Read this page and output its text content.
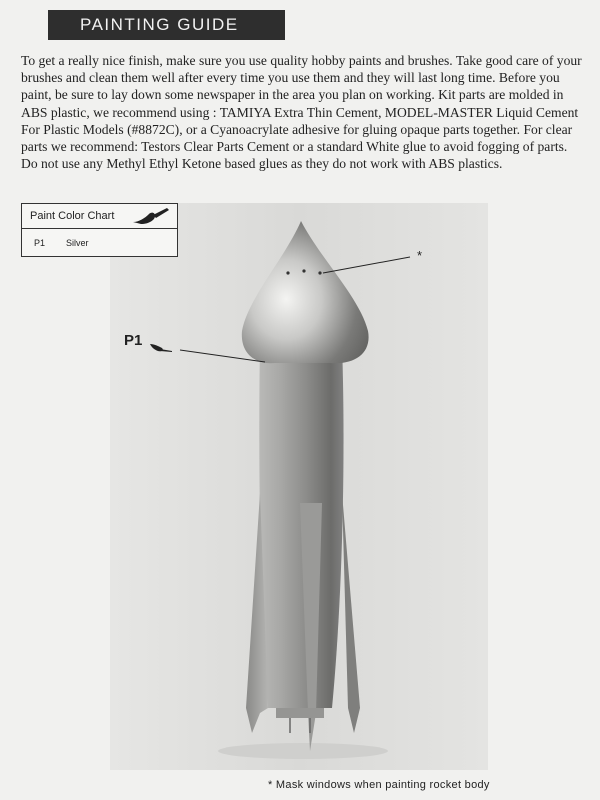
PAINTING GUIDE

To get a really nice finish, make sure you use quality hobby paints and brushes. Take good care of your brushes and clean them well after every time you use them and they will last long time. Before you paint, be sure to lay down some newspaper in the area you plan on working. Kit parts are molded in ABS plastic, we recommend using : TAMIYA Extra Thin Cement, MODEL-MASTER Liquid Cement For Plastic Models (#8872C), or a Cyanoacrylate adhesive for gluing opaque parts together. For clear parts we recommend: Testors Clear Parts Cement or a standard White glue to avoid fogging of parts. Do not use any Methyl Ethyl Ketone based glues as they do not work with ABS plastics.

Paint Color Chart
P1	Silver
P1
*
* Mask windows when painting rocket body
